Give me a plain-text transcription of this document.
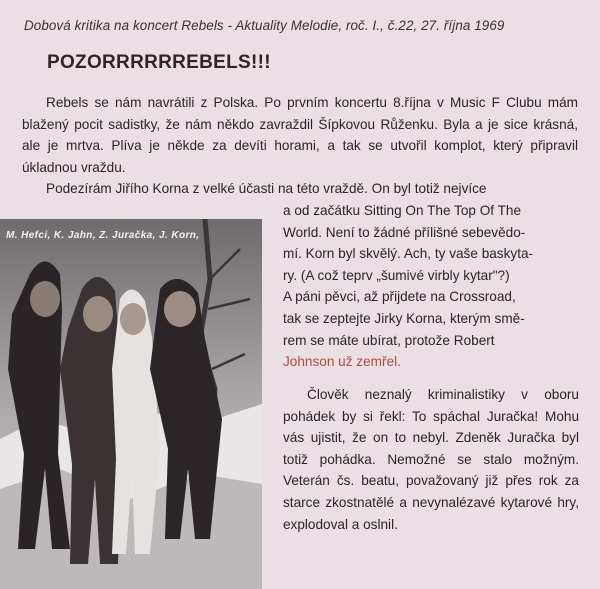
Dobová kritika na koncert Rebels - Aktuality Melodie, roč. I., č.22, 27. října 1969
POZORRRRRREBELS!!!

Rebels se nám navrátili z Polska. Po prvním koncertu 8.října v Music F Clubu mám blažený pocit sadistky, že nám někdo zavraždil Šípkovou Růženku. Byla a je sice krásná, ale je mrtva. Plíva je někde za devíti horami, a tak se utvořil komplot, který připravil úkladnou vraždu.

Podezírám Jiřího Korna z velké účasti na této vraždě. On byl totiž nejvíce

a od začátku Sitting On The Top Of The
World. Není to žádné přílišné sebevědo-
mí. Korn byl skvělý. Ach, ty vaše baskyta-
ry. (A což teprv „šumivé virbly kytar"?)
A páni pěvci, až přijdete na Crossroad,
tak se zeptejte Jirky Korna, kterým smě-
rem se máte ubírat, protože Robert
Johnson už zemřel.

Člověk neznalý kriminalistiky v oboru pohádek by si řekl: To spáchal Juračka! Mohu vás ujistit, že on to nebyl. Zdeněk Juračka byl totiž pohádka. Nemožné se stalo možným. Veterán čs. beatu, považovaný již přes rok za starce zkostnatělé a nevynalézavé kytarové hry, explodoval a oslnil.

M. Hefci, K. Jahn, Z. Juračka, J. Korn,
